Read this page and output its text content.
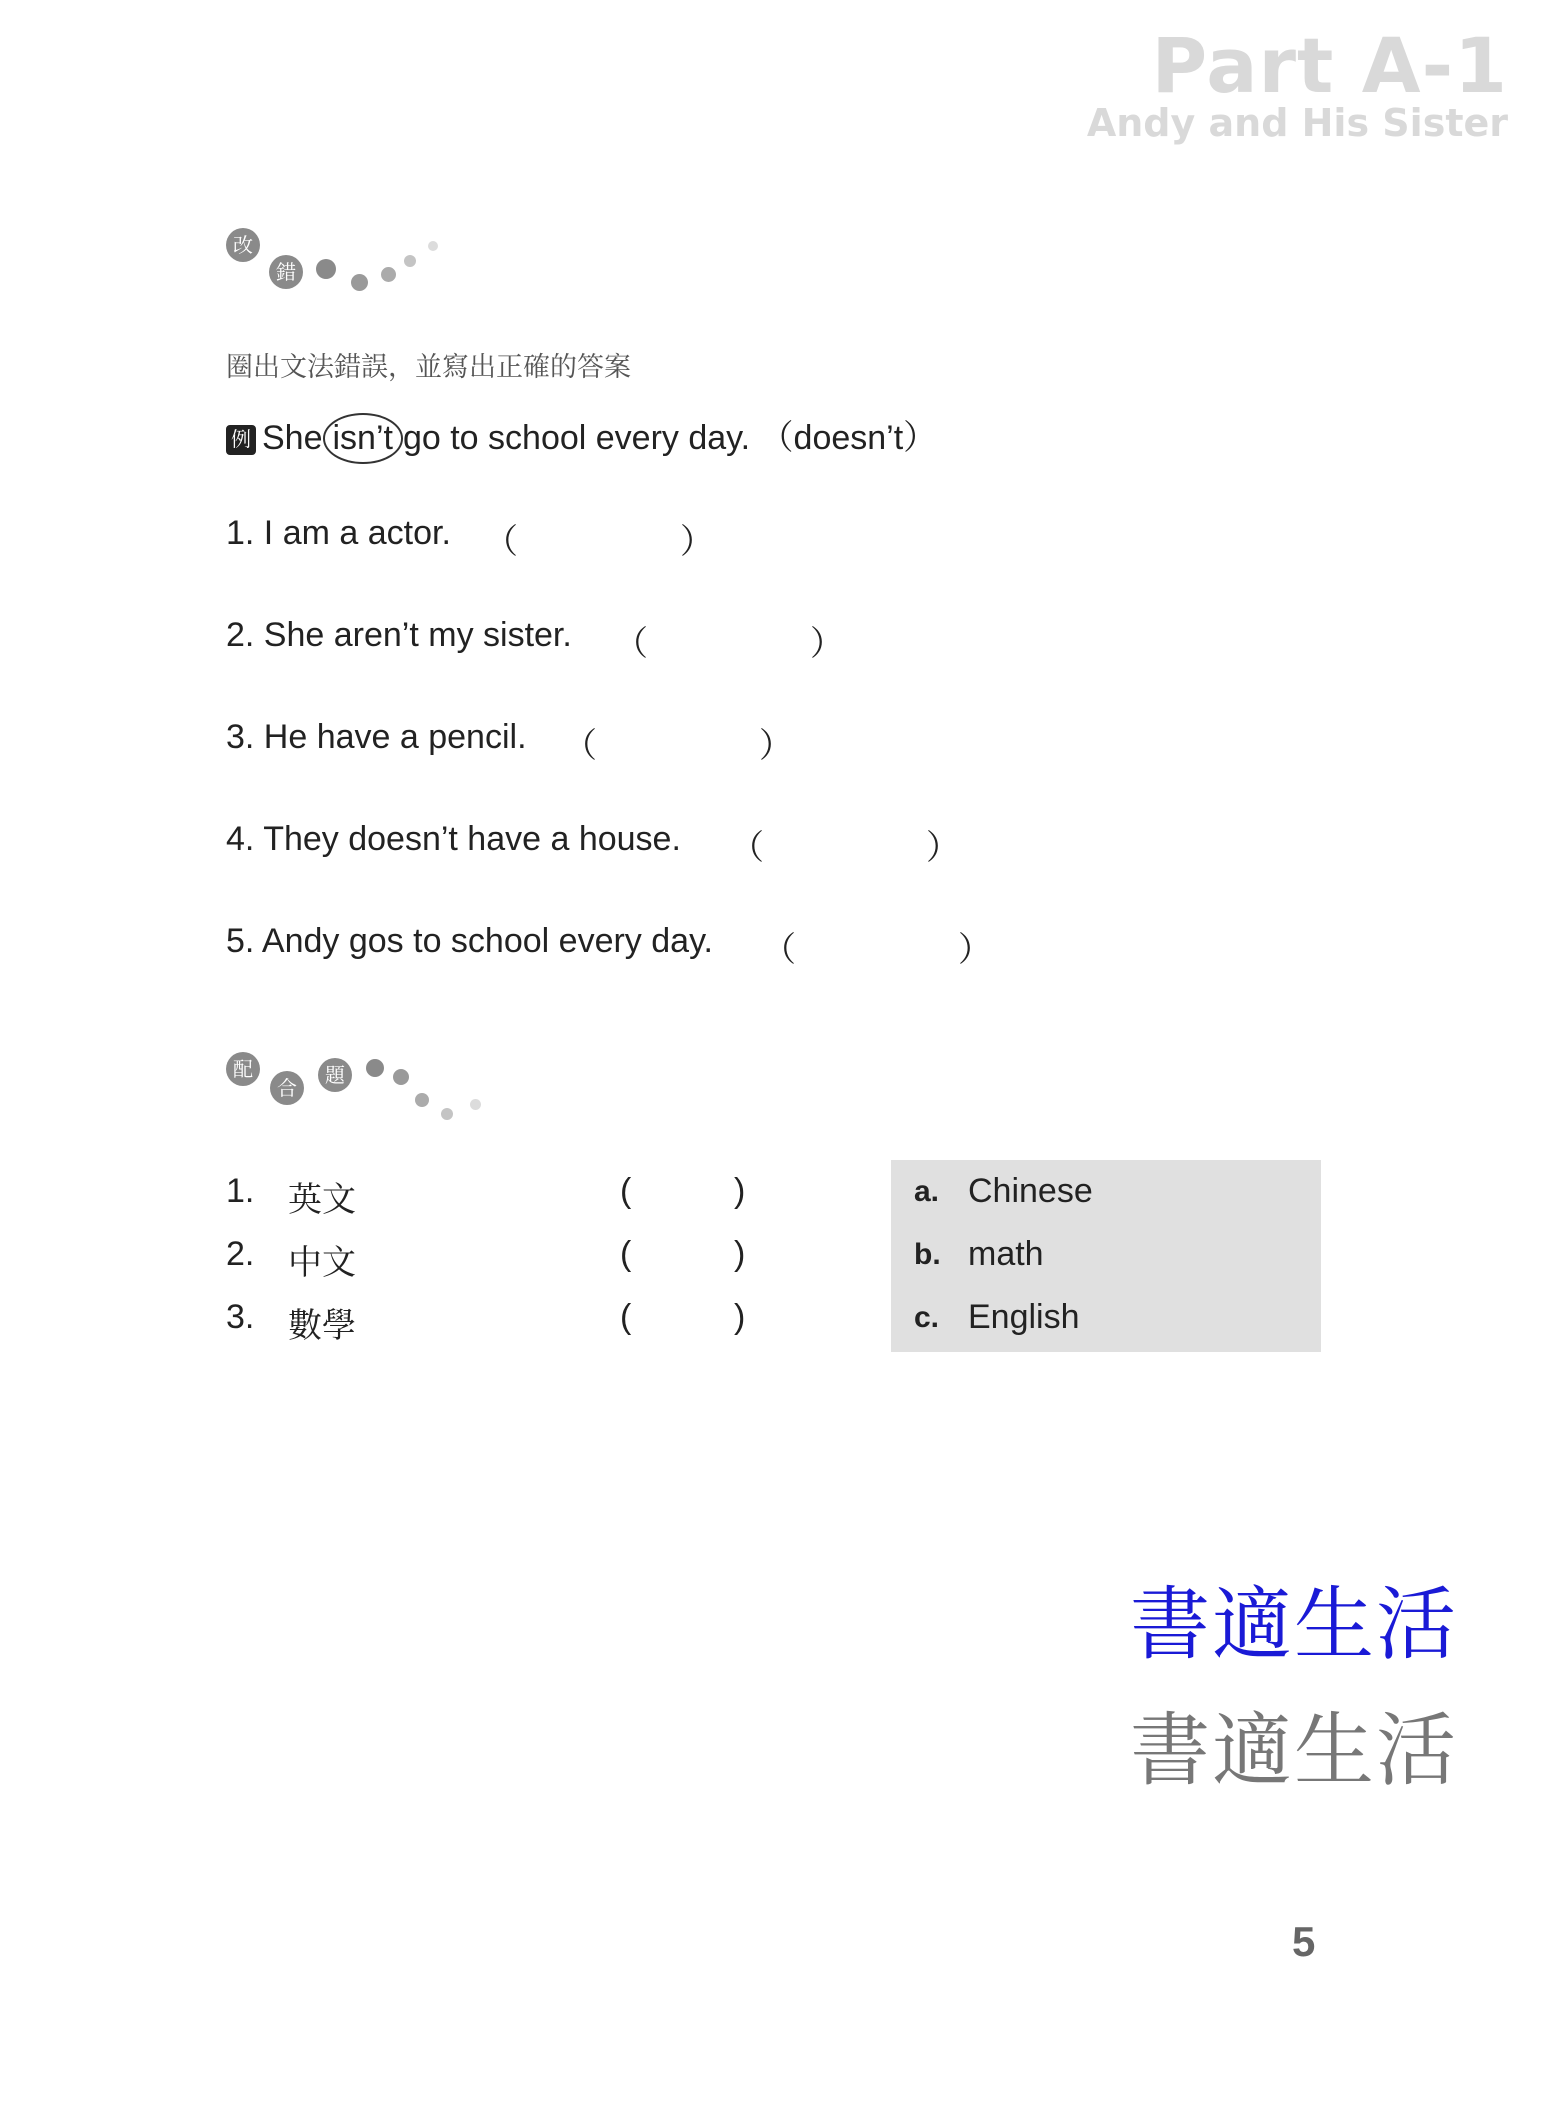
Part A-1
Andy and His Sister
改
錯
圈出文法錯誤，並寫出正確的答案
例 She isn’t go to school every day. （doesn’t）
1. I am a actor. （	）
2. She aren’t my sister. （	）
3. He have a pencil. （	）
4. They doesn’t have a house. （	）
5. Andy gos to school every day. （	）
配
合
題
1. 英文	(	)
2. 中文	(	)
3. 數學	(	)
a. Chinese
b. math
c. English
書適生活
書適生活
5
